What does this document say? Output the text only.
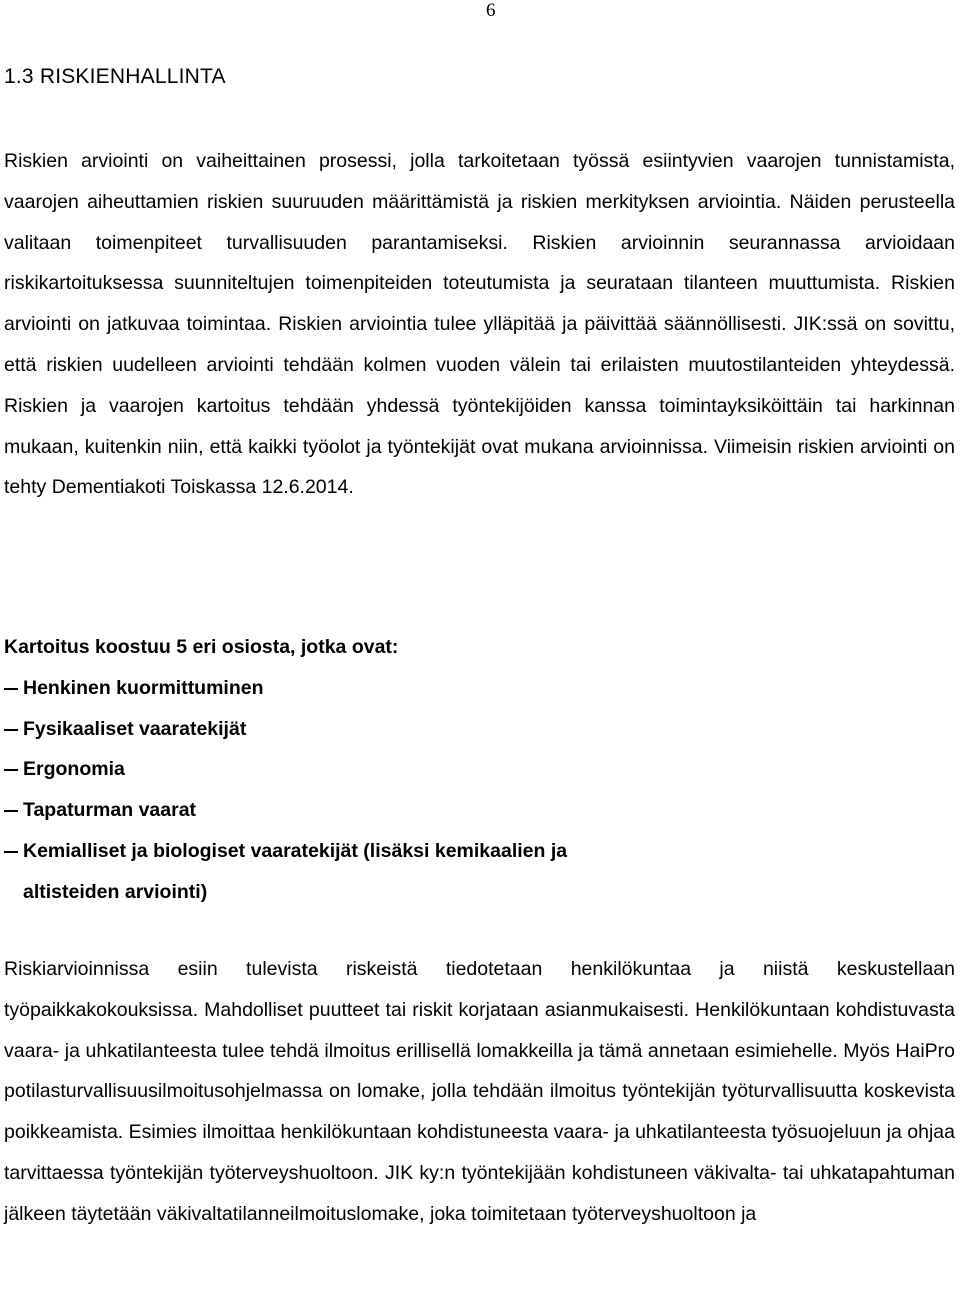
6
1.3 RISKIENHALLINTA

Riskien arviointi on vaiheittainen prosessi, jolla tarkoitetaan työssä esiintyvien vaarojen tunnistamista, vaarojen aiheuttamien riskien suuruuden määrittämistä ja riskien merkityksen arviointia. Näiden perusteella valitaan toimenpiteet turvallisuuden parantamiseksi. Riskien arvioinnin seurannassa arvioidaan riskikartoituksessa suunniteltujen toimenpiteiden toteutumista ja seurataan tilanteen muuttumista. Riskien arviointi on jatkuvaa toimintaa. Riskien arviointia tulee ylläpitää ja päivittää säännöllisesti. JIK:ssä on sovittu, että riskien uudelleen arviointi tehdään kolmen vuoden välein tai erilaisten muutostilanteiden yhteydessä. Riskien ja vaarojen kartoitus tehdään yhdessä työntekijöiden kanssa toimintayksiköittäin tai harkinnan mukaan, kuitenkin niin, että kaikki työolot ja työntekijät ovat mukana arvioinnissa. Viimeisin riskien arviointi on tehty Dementiakoti Toiskassa 12.6.2014.

Kartoitus koostuu 5 eri osiosta, jotka ovat:
Henkinen kuormittuminen
Fysikaaliset vaaratekijät
Ergonomia
Tapaturman vaarat
Kemialliset ja biologiset vaaratekijät (lisäksi kemikaalien ja
altisteiden arviointi)

Riskiarvioinnissa esiin tulevista riskeistä tiedotetaan henkilökuntaa ja niistä keskustellaan työpaikkakokouksissa. Mahdolliset puutteet tai riskit korjataan asianmukaisesti. Henkilökuntaan kohdistuvasta vaara- ja uhkatilanteesta tulee tehdä ilmoitus erillisellä lomakkeilla ja tämä annetaan esimiehelle. Myös HaiPro potilasturvallisuusilmoitusohjelmassa on lomake, jolla tehdään ilmoitus työntekijän työturvallisuutta koskevista poikkeamista. Esimies ilmoittaa henkilökuntaan kohdistuneesta vaara- ja uhkatilanteesta työsuojeluun ja ohjaa tarvittaessa työntekijän työterveyshuoltoon. JIK ky:n työntekijään kohdistuneen väkivalta- tai uhkatapahtuman jälkeen täytetään väkivaltatilanneilmoituslomake, joka toimitetaan työterveyshuoltoon ja
